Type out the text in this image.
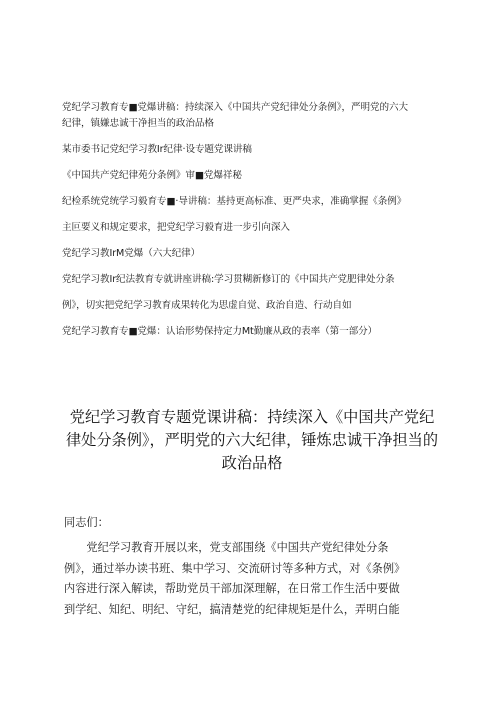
党纪学习教育专■党爆讲稿：持续深入《中国共产党纪律处分条例》，严明党的六大
纪律，镇嫌忠诚干净担当的政治品格
某市委书记党纪学习教Ir纪律·设专题党课讲稿
《中国共产党纪律苑分条例》审■党爆祥秘
纪检系统党统学习毅育专■·导讲稿：基持更高标准、更严央求，准确掌握《条例》
主叵要义和规定要求，把党纪学习毅育进一步引向深入
党纪学习教IrM党爆（六大纪律）
党纪学习教Ir纪法教育专就讲座讲稿:学习贯糊新修订的《中国共产党肥律处分条
例》，切实把党纪学习教育成果转化为思虚自觉、政治自造、行动自如
党纪学习教育专■党爆：认诒形势保持定力Mt勤廉从政的表率（第一部分）
党纪学习教育专题党课讲稿：持续深入《中国共产党纪
律处分条例》，严明党的六大纪律，锤炼忠诚干净担当的
政治品格
同志们：
　　党纪学习教育开展以来，党支部围绕《中国共产党纪律处分条
例》，通过举办读书班、集中学习、交流研讨等多种方式，对《条例》
内容进行深入解读，帮助党员干部加深理解，在日常工作生活中要做
到学纪、知纪、明纪、守纪，搞清楚党的纪律规矩是什么，弄明白能
